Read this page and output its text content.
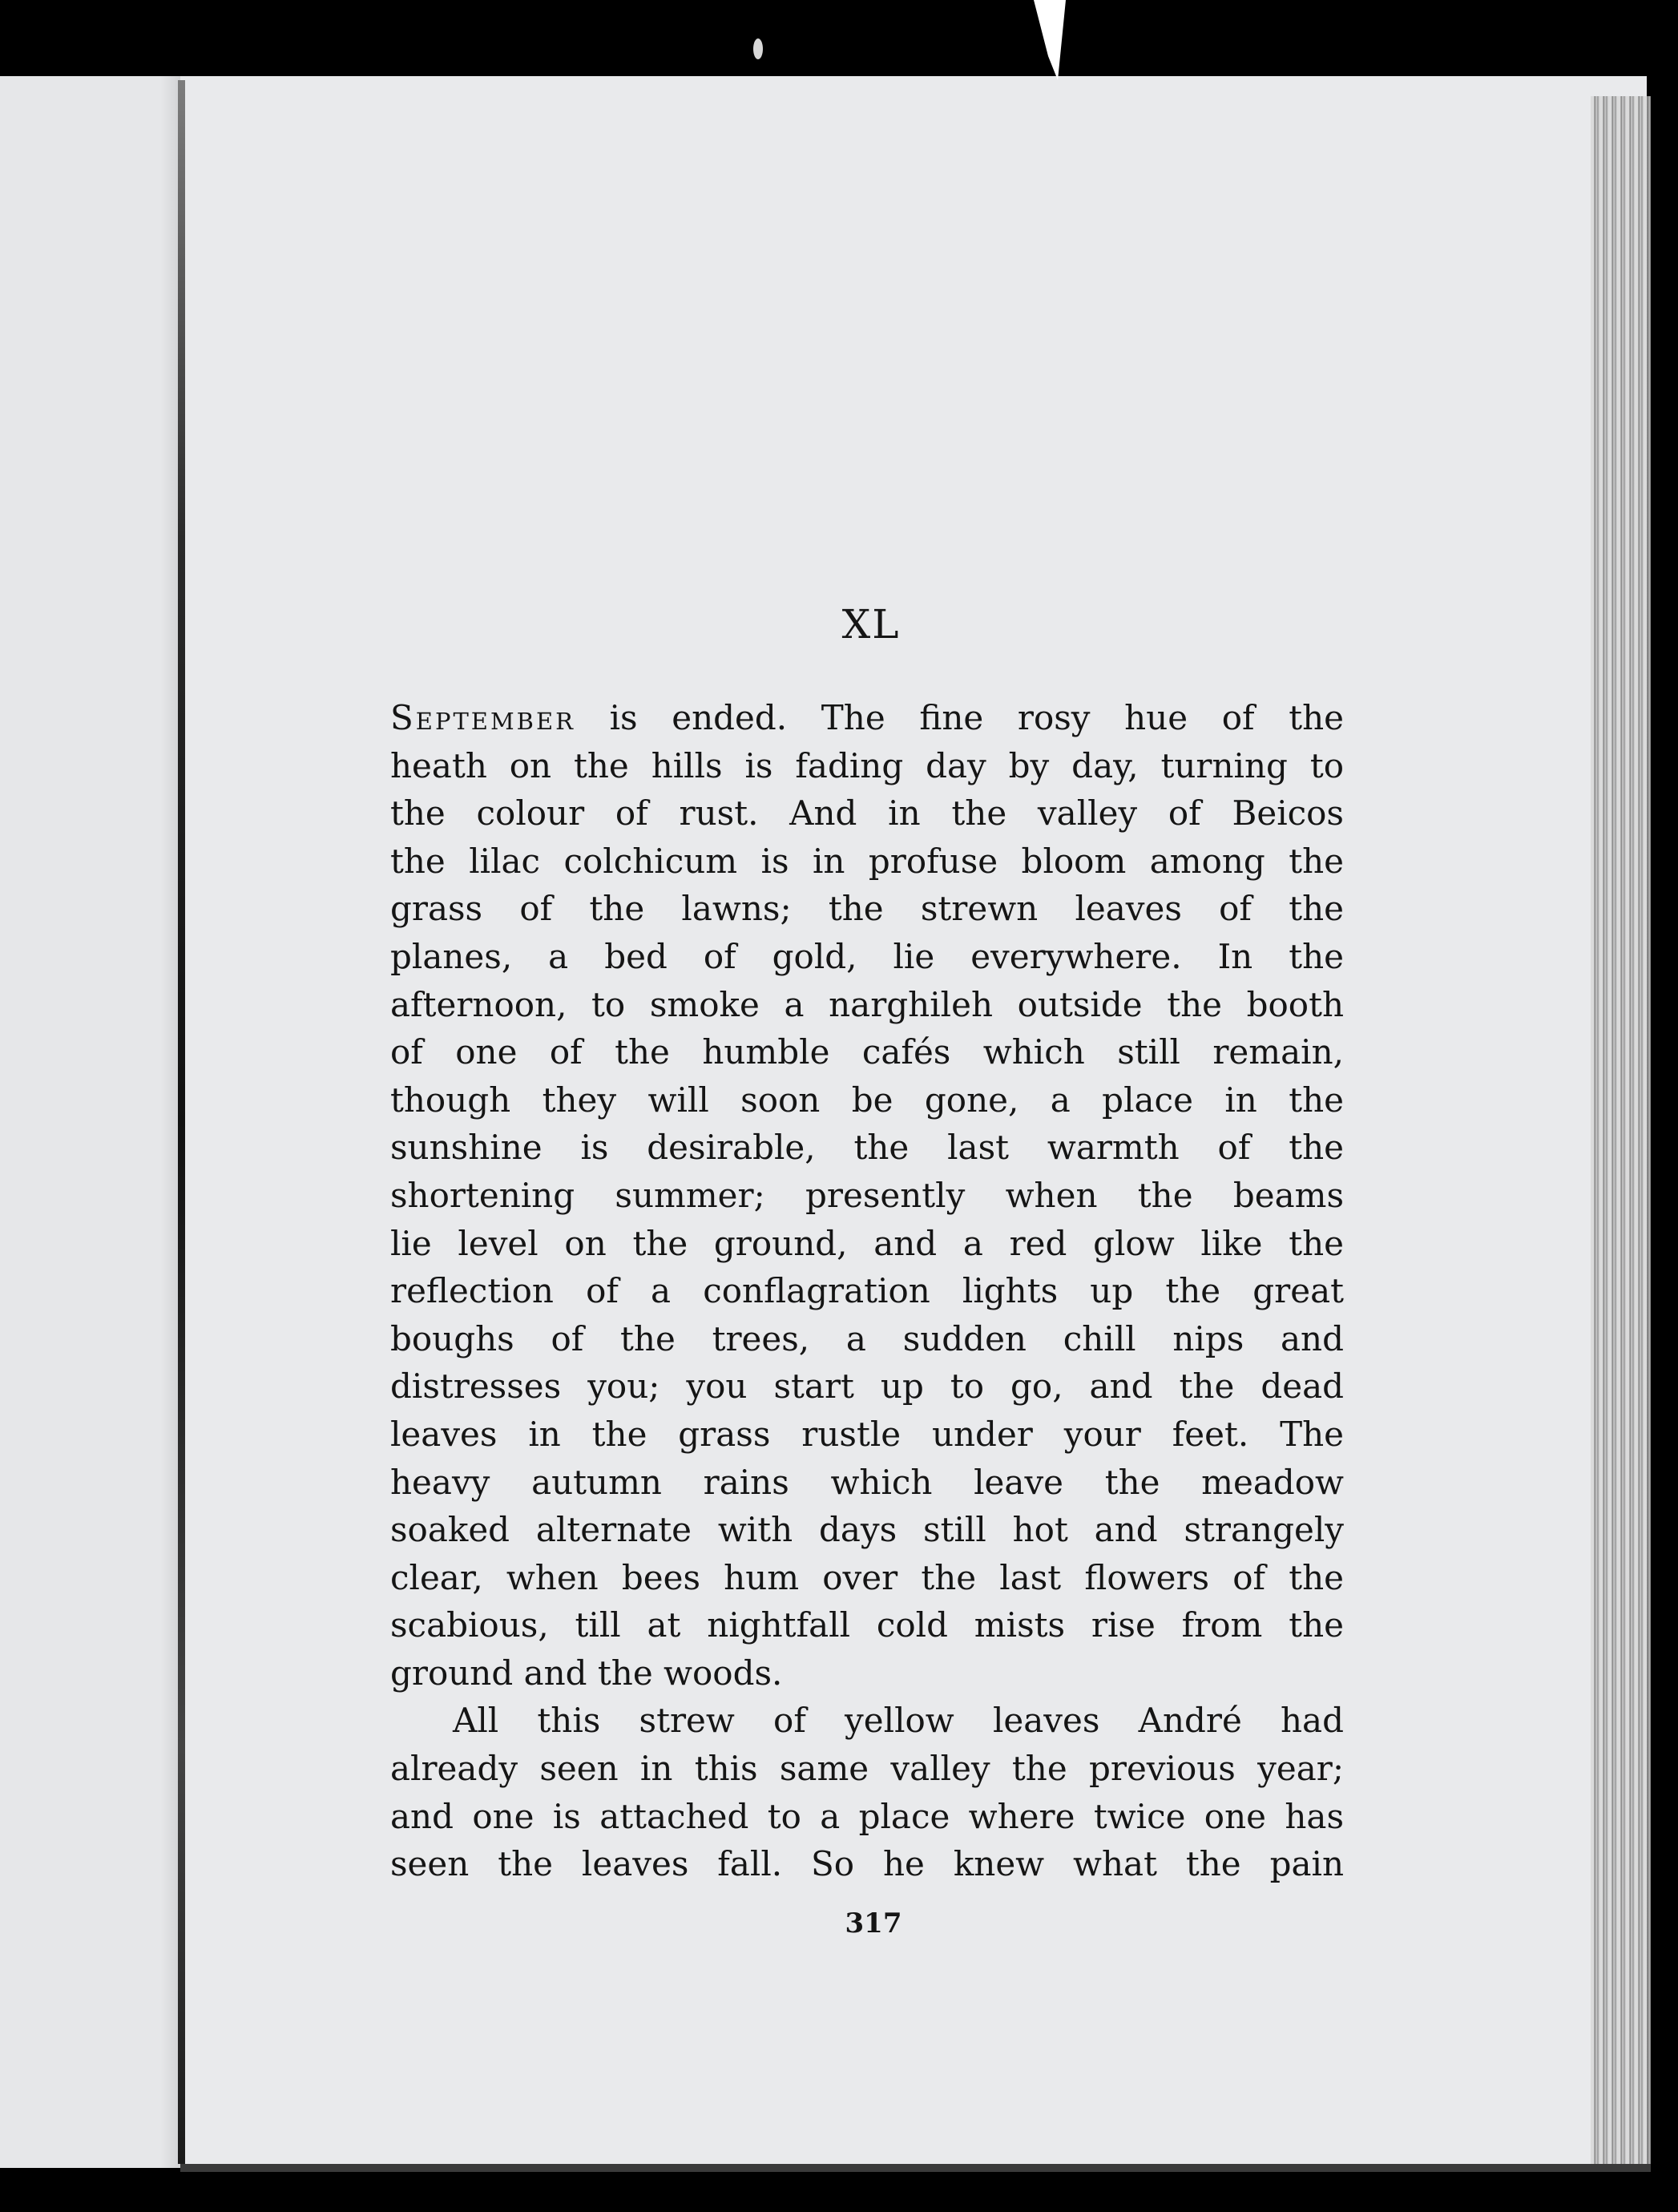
XL

September is ended. The fine rosy hue of the
heath on the hills is fading day by day, turning to
the colour of rust. And in the valley of Beicos
the lilac colchicum is in profuse bloom among the
grass of the lawns; the strewn leaves of the
planes, a bed of gold, lie everywhere. In the
afternoon, to smoke a narghileh outside the booth
of one of the humble cafés which still remain,
though they will soon be gone, a place in the
sunshine is desirable, the last warmth of the
shortening summer; presently when the beams
lie level on the ground, and a red glow like the
reflection of a conflagration lights up the great
boughs of the trees, a sudden chill nips and
distresses you; you start up to go, and the dead
leaves in the grass rustle under your feet. The
heavy autumn rains which leave the meadow
soaked alternate with days still hot and strangely
clear, when bees hum over the last flowers of the
scabious, till at nightfall cold mists rise from the
ground and the woods.

All this strew of yellow leaves André had
already seen in this same valley the previous year;
and one is attached to a place where twice one has
seen the leaves fall. So he knew what the pain

317
